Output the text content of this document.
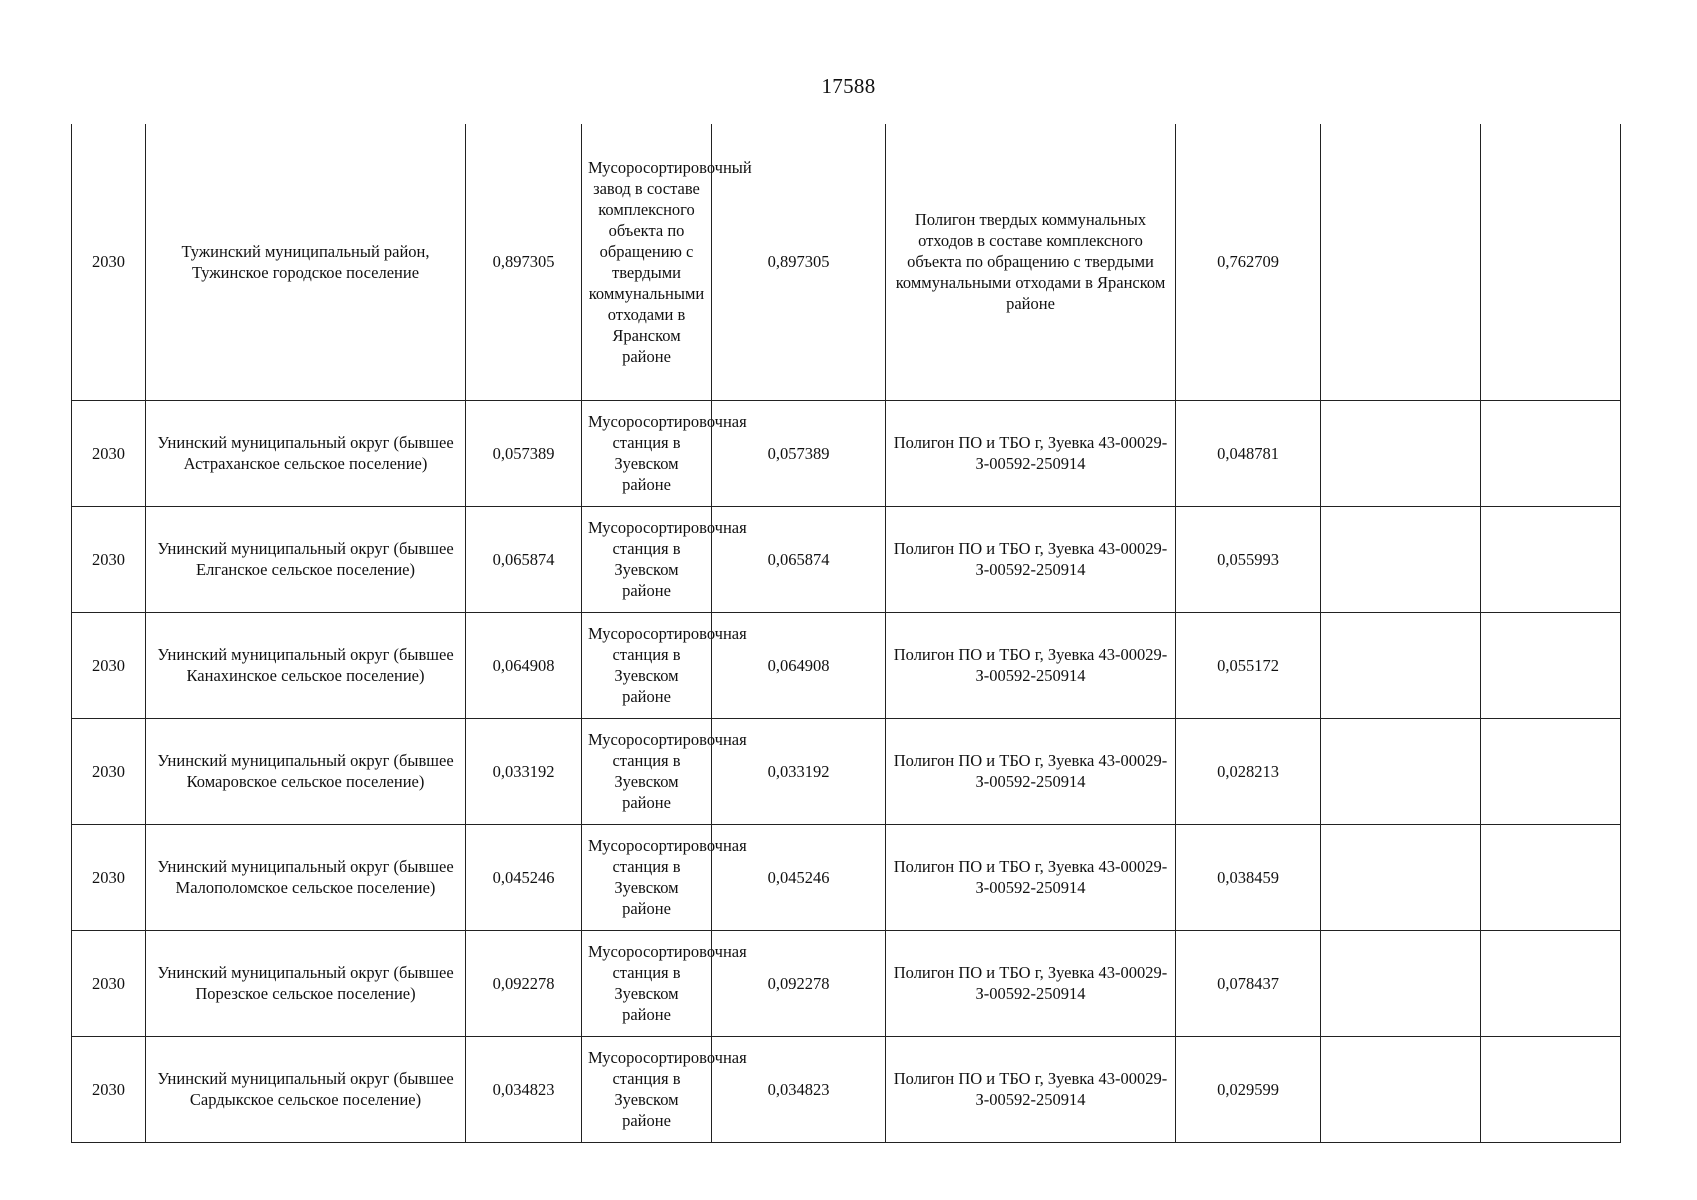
17588
2030	Тужинский муниципальный район, Тужинское городское поселение	0,897305	Мусоросортировочный завод в составе комплексного объекта по обращению с твердыми коммунальными отходами в Яранском районе	0,897305	Полигон твердых коммунальных отходов в составе комплексного объекта по обращению с твердыми коммунальными отходами в Яранском районе	0,762709		
2030	Унинский муниципальный округ (бывшее Астраханское сельское поселение)	0,057389	Мусоросортировочная станция в Зуевском районе	0,057389	Полигон ПО и ТБО г, Зуевка 43-00029-З-00592-250914	0,048781		
2030	Унинский муниципальный округ (бывшее Елганское сельское поселение)	0,065874	Мусоросортировочная станция в Зуевском районе	0,065874	Полигон ПО и ТБО г, Зуевка 43-00029-З-00592-250914	0,055993		
2030	Унинский муниципальный округ (бывшее Канахинское сельское поселение)	0,064908	Мусоросортировочная станция в Зуевском районе	0,064908	Полигон ПО и ТБО г, Зуевка 43-00029-З-00592-250914	0,055172		
2030	Унинский муниципальный округ (бывшее Комаровское сельское поселение)	0,033192	Мусоросортировочная станция в Зуевском районе	0,033192	Полигон ПО и ТБО г, Зуевка 43-00029-З-00592-250914	0,028213		
2030	Унинский муниципальный округ (бывшее Малополомское сельское поселение)	0,045246	Мусоросортировочная станция в Зуевском районе	0,045246	Полигон ПО и ТБО г, Зуевка 43-00029-З-00592-250914	0,038459		
2030	Унинский муниципальный округ (бывшее Порезское сельское поселение)	0,092278	Мусоросортировочная станция в Зуевском районе	0,092278	Полигон ПО и ТБО г, Зуевка 43-00029-З-00592-250914	0,078437		
2030	Унинский муниципальный округ (бывшее Сардыкское сельское поселение)	0,034823	Мусоросортировочная станция в Зуевском районе	0,034823	Полигон ПО и ТБО г, Зуевка 43-00029-З-00592-250914	0,029599		
